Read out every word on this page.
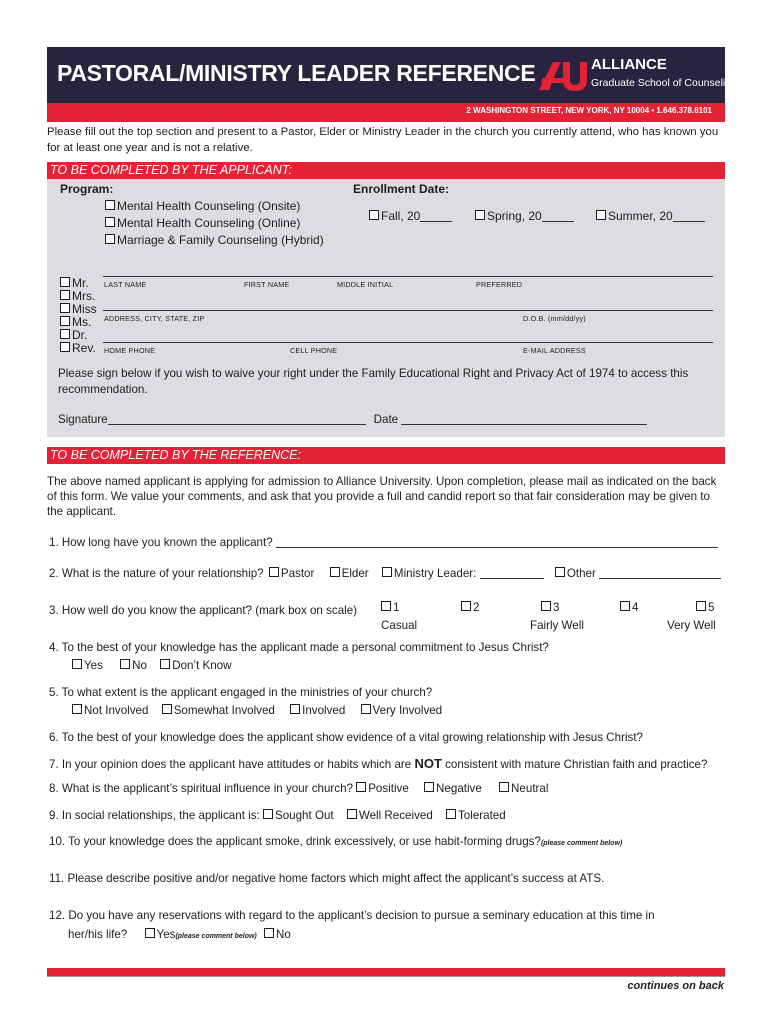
PASTORAL/MINISTRY LEADER REFERENCE	ALLIANCE
Graduate School of Counseling
2 WASHINGTON STREET, NEW YORK, NY 10004 • 1.646.378.6101
Please fill out the top section and present to a Pastor, Elder or Ministry Leader in the church you currently attend, who has known you for at least one year and is not a relative.
TO BE COMPLETED BY THE APPLICANT:
Program:
Mental Health Counseling (Onsite)
Mental Health Counseling (Online)
Marriage & Family Counseling (Hybrid)
Enrollment Date:
Fall, 20	Spring, 20	Summer, 20
Mr.
Mrs.
Miss
Ms.
Dr.
Rev.
LAST NAME	FIRST NAME	MIDDLE INITIAL	PREFERRED
ADDRESS, CITY, STATE, ZIP	D.O.B. (mm/dd/yy)
HOME PHONE	CELL PHONE	E-MAIL ADDRESS
Please sign below if you wish to waive your right under the Family Educational Right and Privacy Act of 1974 to access this recommendation.
Signature	Date
TO BE COMPLETED BY THE REFERENCE:
The above named applicant is applying for admission to Alliance University. Upon completion, please mail as indicated on the back of this form. We value your comments, and ask that you provide a full and candid report so that fair consideration may be given to the applicant.
1. How long have you known the applicant?
2. What is the nature of your relationship? Pastor Elder Ministry Leader:	Other
3. How well do you know the applicant? (mark box on scale)	1	2	3	4	5
Casual	Fairly Well	Very Well
4. To the best of your knowledge has the applicant made a personal commitment to Jesus Christ?
Yes	No Don’t Know
5. To what extent is the applicant engaged in the ministries of your church?
Not Involved Somewhat Involved Involved Very Involved
6. To the best of your knowledge does the applicant show evidence of a vital growing relationship with Jesus Christ?
7. In your opinion does the applicant have attitudes or habits which are NOT consistent with mature Christian faith and practice?
8. What is the applicant’s spiritual influence in your church? Positive Negative	Neutral
9. In social relationships, the applicant is: Sought Out Well Received Tolerated
10. To your knowledge does the applicant smoke, drink excessively, or use habit-forming drugs?(please comment below)
11. Please describe positive and/or negative home factors which might affect the applicant’s success at ATS.
12. Do you have any reservations with regard to the applicant’s decision to pursue a seminary education at this time in
her/his life?	Yes(please comment below) No
continues on back
